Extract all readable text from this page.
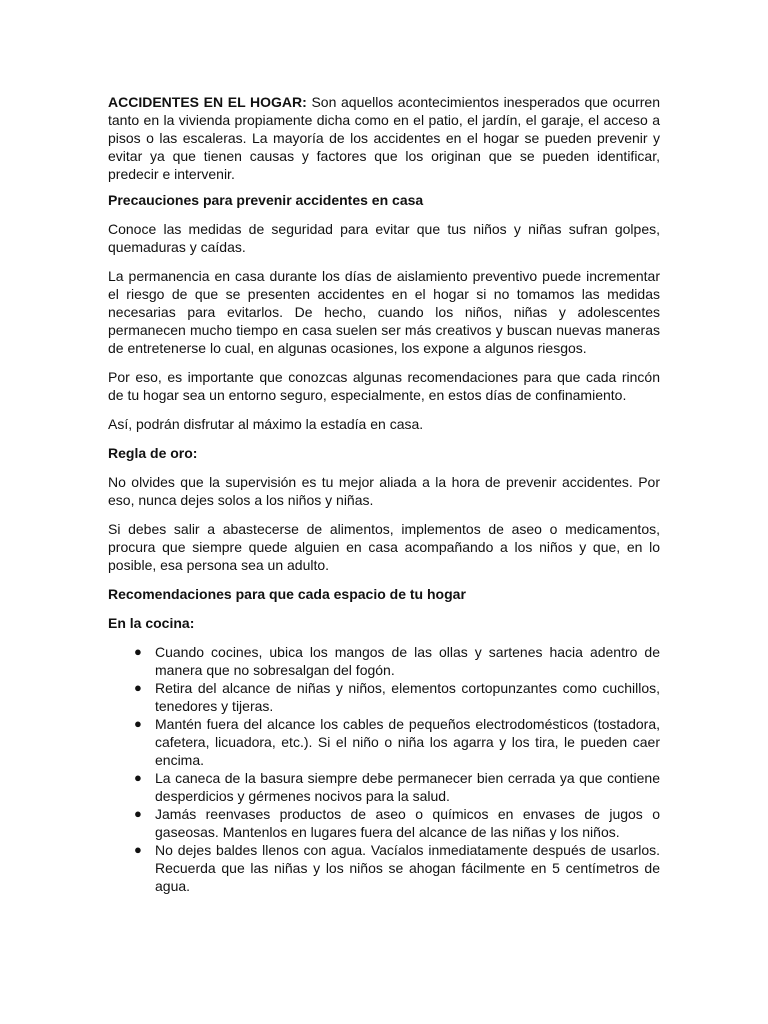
ACCIDENTES EN EL HOGAR: Son aquellos acontecimientos inesperados que ocurren tanto en la vivienda propiamente dicha como en el patio, el jardín, el garaje, el acceso a pisos o las escaleras. La mayoría de los accidentes en el hogar se pueden prevenir y evitar ya que tienen causas y factores que los originan que se pueden identificar, predecir e intervenir.

Precauciones para prevenir accidentes en casa

Conoce las medidas de seguridad para evitar que tus niños y niñas sufran golpes, quemaduras y caídas.

La permanencia en casa durante los días de aislamiento preventivo puede incrementar el riesgo de que se presenten accidentes en el hogar si no tomamos las medidas necesarias para evitarlos. De hecho, cuando los niños, niñas y adolescentes permanecen mucho tiempo en casa suelen ser más creativos y buscan nuevas maneras de entretenerse lo cual, en algunas ocasiones, los expone a algunos riesgos.

Por eso, es importante que conozcas algunas recomendaciones para que cada rincón de tu hogar sea un entorno seguro, especialmente, en estos días de confinamiento.

Así, podrán disfrutar al máximo la estadía en casa.

Regla de oro:

No olvides que la supervisión es tu mejor aliada a la hora de prevenir accidentes. Por eso, nunca dejes solos a los niños y niñas.

Si debes salir a abastecerse de alimentos, implementos de aseo o medicamentos, procura que siempre quede alguien en casa acompañando a los niños y que, en lo posible, esa persona sea un adulto.

Recomendaciones para que cada espacio de tu hogar

En la cocina:

● Cuando cocines, ubica los mangos de las ollas y sartenes hacia adentro de manera que no sobresalgan del fogón.
● Retira del alcance de niñas y niños, elementos cortopunzantes como cuchillos, tenedores y tijeras.
● Mantén fuera del alcance los cables de pequeños electrodomésticos (tostadora, cafetera, licuadora, etc.). Si el niño o niña los agarra y los tira, le pueden caer encima.
● La caneca de la basura siempre debe permanecer bien cerrada ya que contiene desperdicios y gérmenes nocivos para la salud.
● Jamás reenvases productos de aseo o químicos en envases de jugos o gaseosas. Mantenlos en lugares fuera del alcance de las niñas y los niños.
● No dejes baldes llenos con agua. Vacíalos inmediatamente después de usarlos. Recuerda que las niñas y los niños se ahogan fácilmente en 5 centímetros de agua.
